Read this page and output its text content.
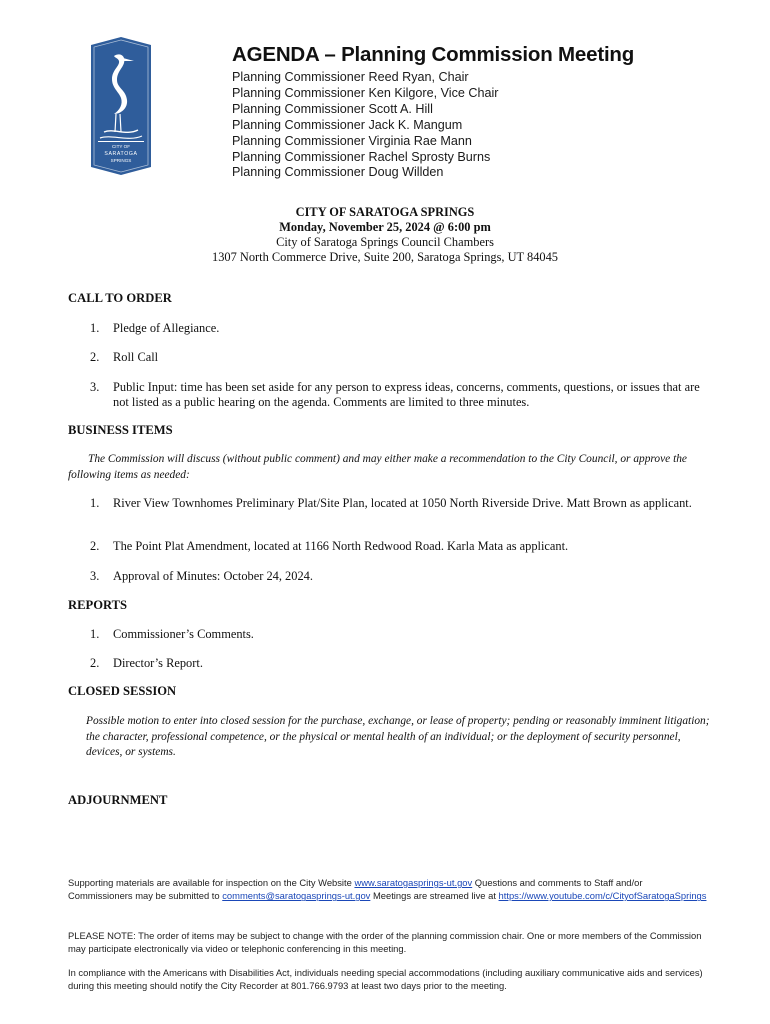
CITY OF
SARATOGA
SPRINGS
AGENDA – Planning Commission Meeting
Planning Commissioner Reed Ryan, Chair
Planning Commissioner Ken Kilgore, Vice Chair
Planning Commissioner Scott A. Hill
Planning Commissioner Jack K. Mangum
Planning Commissioner Virginia Rae Mann
Planning Commissioner Rachel Sprosty Burns
Planning Commissioner Doug Willden
CITY OF SARATOGA SPRINGS
Monday, November 25, 2024 @ 6:00 pm
City of Saratoga Springs Council Chambers
1307 North Commerce Drive, Suite 200, Saratoga Springs, UT 84045
CALL TO ORDER
1. Pledge of Allegiance.
2. Roll Call
3. Public Input: time has been set aside for any person to express ideas, concerns, comments, questions, or issues that are not listed as a public hearing on the agenda. Comments are limited to three minutes.
BUSINESS ITEMS
The Commission will discuss (without public comment) and may either make a recommendation to the City Council, or approve the following items as needed:
1. River View Townhomes Preliminary Plat/Site Plan, located at 1050 North Riverside Drive. Matt Brown as applicant.
2. The Point Plat Amendment, located at 1166 North Redwood Road. Karla Mata as applicant.
3. Approval of Minutes: October 24, 2024.
REPORTS
1. Commissioner’s Comments.
2. Director’s Report.
CLOSED SESSION
Possible motion to enter into closed session for the purchase, exchange, or lease of property; pending or reasonably imminent litigation; the character, professional competence, or the physical or mental health of an individual; or the deployment of security personnel, devices, or systems.
ADJOURNMENT
Supporting materials are available for inspection on the City Website www.saratogasprings-ut.gov Questions and comments to Staff and/or Commissioners may be submitted to comments@saratogasprings-ut.gov Meetings are streamed live at https://www.youtube.com/c/CityofSaratogaSprings
PLEASE NOTE: The order of items may be subject to change with the order of the planning commission chair. One or more members of the Commission may participate electronically via video or telephonic conferencing in this meeting.
In compliance with the Americans with Disabilities Act, individuals needing special accommodations (including auxiliary communicative aids and services) during this meeting should notify the City Recorder at 801.766.9793 at least two days prior to the meeting.
